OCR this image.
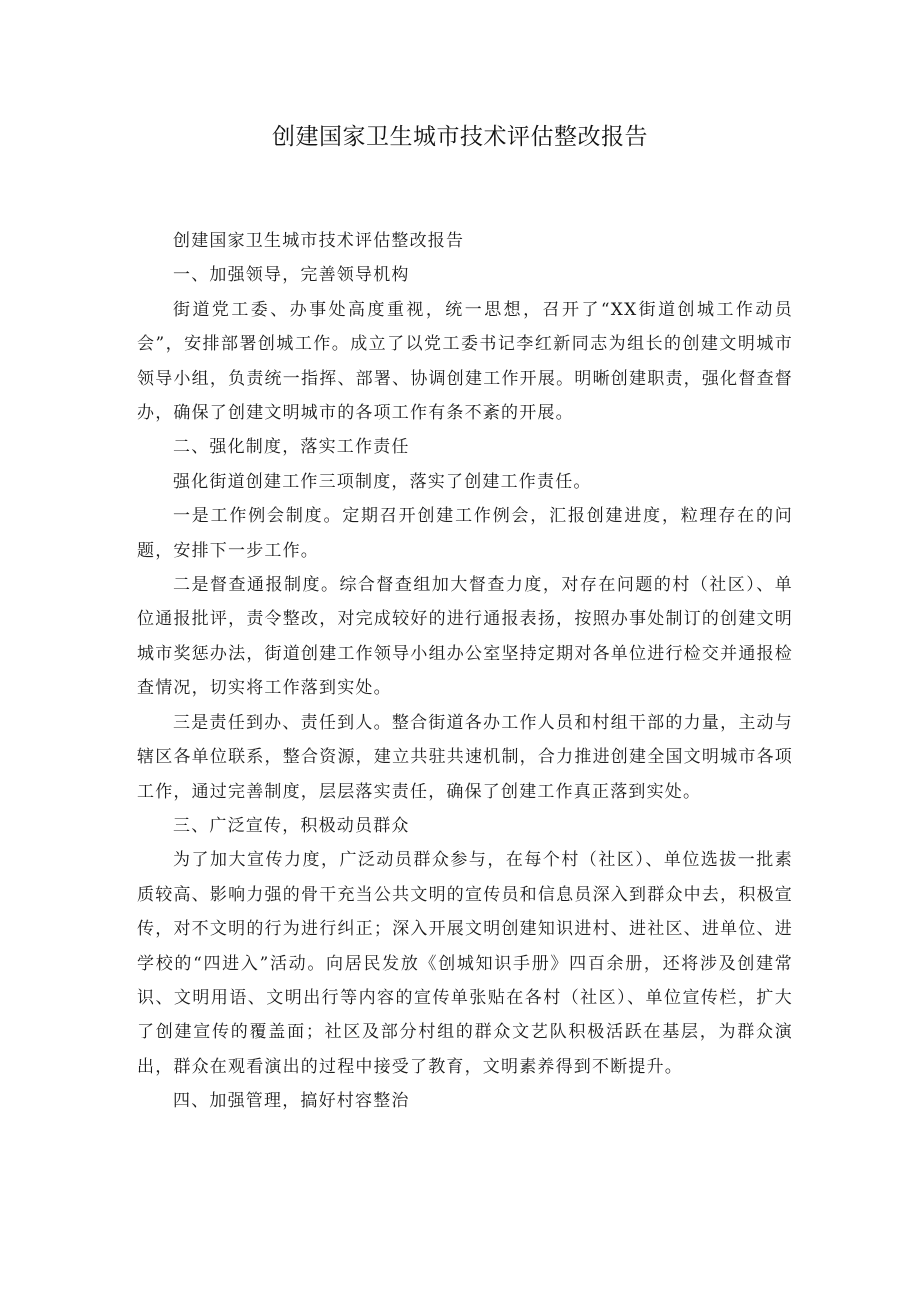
创建国家卫生城市技术评估整改报告

创建国家卫生城市技术评估整改报告

一、加强领导，完善领导机构

街道党工委、办事处高度重视，统一思想，召开了“XX街道创城工作动员会”，安排部署创城工作。成立了以党工委书记李红新同志为组长的创建文明城市领导小组，负责统一指挥、部署、协调创建工作开展。明晰创建职责，强化督查督办，确保了创建文明城市的各项工作有条不紊的开展。

二、强化制度，落实工作责任

强化街道创建工作三项制度，落实了创建工作责任。

一是工作例会制度。定期召开创建工作例会，汇报创建进度，粒理存在的问题，安排下一步工作。

二是督查通报制度。综合督查组加大督查力度，对存在问题的村（社区）、单位通报批评，责令整改，对完成较好的进行通报表扬，按照办事处制订的创建文明城市奖惩办法，街道创建工作领导小组办公室坚持定期对各单位进行检交并通报检查情况，切实将工作落到实处。

三是责任到办、责任到人。整合街道各办工作人员和村组干部的力量，主动与辖区各单位联系，整合资源，建立共驻共速机制，合力推进创建全国文明城市各项工作，通过完善制度，层层落实责任，确保了创建工作真正落到实处。

三、广泛宣传，积极动员群众

为了加大宣传力度，广泛动员群众参与，在每个村（社区）、单位选拔一批素质较高、影响力强的骨干充当公共文明的宣传员和信息员深入到群众中去，积极宣传，对不文明的行为进行纠正；深入开展文明创建知识进村、进社区、进单位、进学校的“四进入”活动。向居民发放《创城知识手册》四百余册，还将涉及创建常识、文明用语、文明出行等内容的宣传单张贴在各村（社区）、单位宣传栏，扩大了创建宣传的覆盖面；社区及部分村组的群众文艺队积极活跃在基层，为群众演出，群众在观看演出的过程中接受了教育，文明素养得到不断提升。

四、加强管理，搞好村容整治
